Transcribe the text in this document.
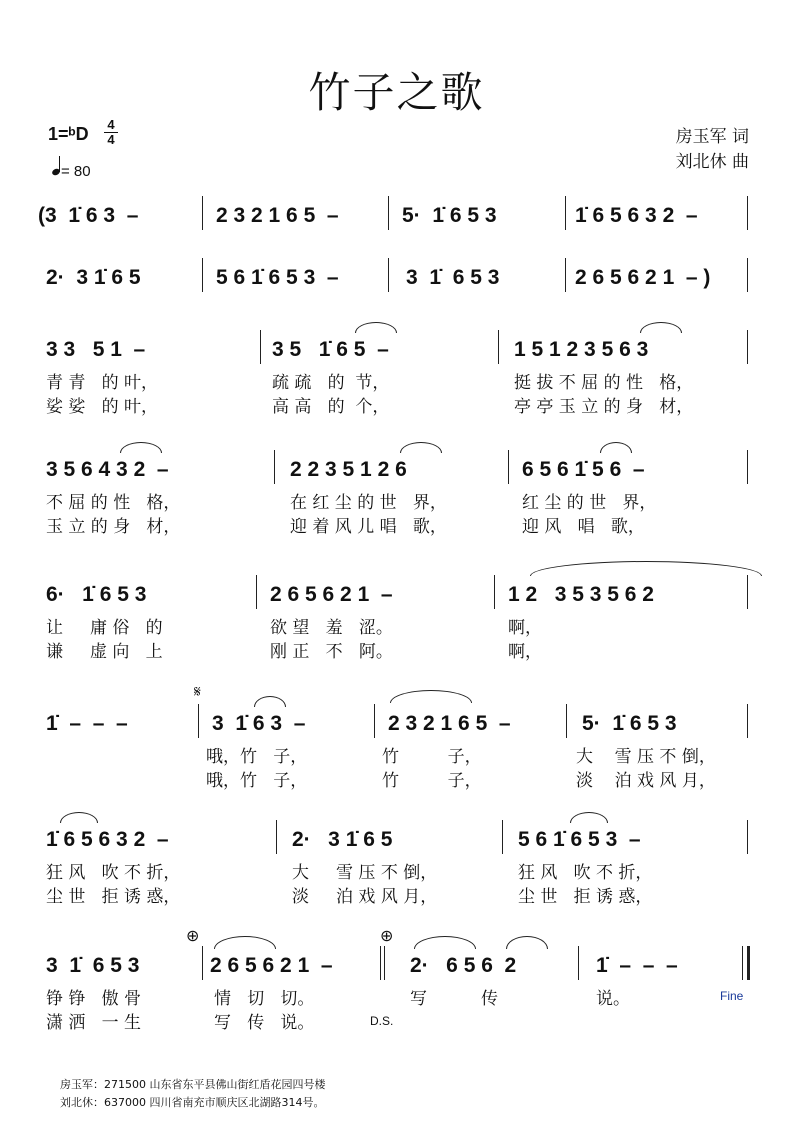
竹子之歌
1=ᵇD 4
4
= 80
房玉军 词
刘北休 曲
(3  1̇ 6 3  –	2 3 2 1 6 5  –	5·  1̇ 6 5 3	1̇ 6 5 6 3 2  –
2·  3 1̇ 6 5	5 6 1̇ 6 5 3  –	3  1̇  6 5 3	2 6 5 6 2 1  – )
3 3   5 1  –	3 5   1̇ 6 5  –	1 5 1 2 3 5 6 3
青 青   的 叶，	疏 疏   的  节，	挺 拔 不 屈 的 性   格，
娑 娑   的 叶，	高 高   的  个，	亭 亭 玉 立 的 身   材，
3 5 6 4 3 2  –	2 2 3 5 1 2 6	6 5 6 1̇ 5 6  –
不 屈 的 性   格，	在 红 尘 的 世   界，	红 尘 的 世   界，
玉 立 的 身   材，	迎 着 风 儿 唱   歌，	迎 风   唱   歌，
6·   1̇ 6 5 3	2 6 5 6 2 1  –	1 2   3 5 3 5 6 2
让     庸 俗   的	欲 望   羞   涩。	啊，
谦     虚 向   上	刚 正   不   阿。	啊，
𝄋
1̇  –  –  –	3  1̇ 6 3  –	2 3 2 1 6 5  –	5·  1̇ 6 5 3
哦，竹   子，	竹         子，	大    雪 压 不 倒，
哦，竹   子，	竹         子，	淡    泊 戏 风 月，
1̇ 6 5 6 3 2  –	2·   3 1̇ 6 5	5 6 1̇ 6 5 3  –
狂 风   吹 不 折，	大     雪 压 不 倒，	狂 风   吹 不 折，
尘 世   拒 诱 惑，	淡     泊 戏 风 月，	尘 世   拒 诱 惑，
⊕	⊕
3  1̇  6 5 3	2 6 5 6 2 1  –	2·   6 5 6  2	1̇  –  –  –
铮 铮   傲 骨	情   切   切。	写          传	说。	Fine
潇 洒   一 生	写   传   说。	D.S.
房玉军：271500 山东省东平县佛山街红盾花园四号楼
刘北休：637000 四川省南充市顺庆区北湖路314号。
